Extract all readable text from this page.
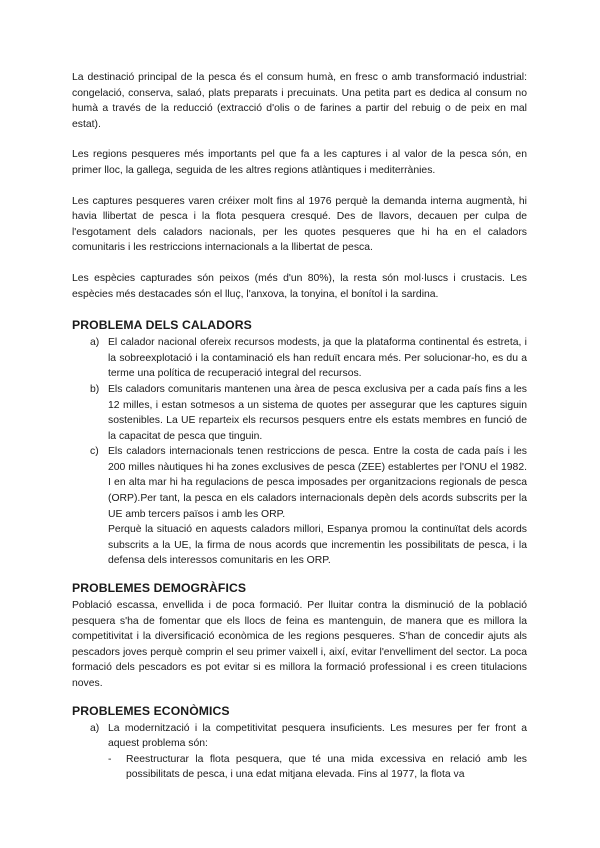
La destinació principal de la pesca és el consum humà, en fresc o amb transformació industrial: congelació, conserva, salaó, plats preparats i precuinats. Una petita part es dedica al consum no humà a través de la reducció (extracció d'olis o de farines a partir del rebuig o de peix en mal estat).

Les regions pesqueres més importants pel que fa a les captures i al valor de la pesca són, en primer lloc, la gallega, seguida de les altres regions atlàntiques i mediterrànies.

Les captures pesqueres varen créixer molt fins al 1976 perquè la demanda interna augmentà, hi havia llibertat de pesca i la flota pesquera cresqué. Des de llavors, decauen per culpa de l'esgotament dels caladors nacionals, per les quotes pesqueres que hi ha en el caladors comunitaris i les restriccions internacionals a la llibertat de pesca.

Les espècies capturades són peixos (més d'un 80%), la resta són mol·luscs i crustacis. Les espècies més destacades són el lluç, l'anxova, la tonyina, el bonítol i la sardina.

PROBLEMA DELS CALADORS
a) El calador nacional ofereix recursos modests, ja que la plataforma continental és estreta, i la sobreexplotació i la contaminació els han reduït encara més. Per solucionar-ho, es du a terme una política de recuperació integral del recursos.
b) Els caladors comunitaris mantenen una àrea de pesca exclusiva per a cada país fins a les 12 milles, i estan sotmesos a un sistema de quotes per assegurar que les captures siguin sostenibles. La UE reparteix els recursos pesquers entre els estats membres en funció de la capacitat de pesca que tinguin.
c) Els caladors internacionals tenen restriccions de pesca. Entre la costa de cada país i les 200 milles nàutiques hi ha zones exclusives de pesca (ZEE) establertes per l'ONU el 1982. I en alta mar hi ha regulacions de pesca imposades per organitzacions regionals de pesca (ORP).Per tant, la pesca en els caladors internacionals depèn dels acords subscrits per la UE amb tercers països i amb les ORP.

Perquè la situació en aquests caladors millori, Espanya promou la continuïtat dels acords subscrits a la UE, la firma de nous acords que incrementin les possibilitats de pesca, i la defensa dels interessos comunitaris en les ORP.

PROBLEMES DEMOGRÀFICS

Població escassa, envellida i de poca formació. Per lluitar contra la disminució de la població pesquera s'ha de fomentar que els llocs de feina es mantenguin, de manera que es millora la competitivitat i la diversificació econòmica de les regions pesqueres. S'han de concedir ajuts als pescadors joves perquè comprin el seu primer vaixell i, així, evitar l'envelliment del sector. La poca formació dels pescadors es pot evitar si es millora la formació professional i es creen titulacions noves.

PROBLEMES ECONÒMICS
a) La modernització i la competitivitat pesquera insuficients. Les mesures per fer front a aquest problema són:
- Reestructurar la flota pesquera, que té una mida excessiva en relació amb les possibilitats de pesca, i una edat mitjana elevada. Fins al 1977, la flota va
